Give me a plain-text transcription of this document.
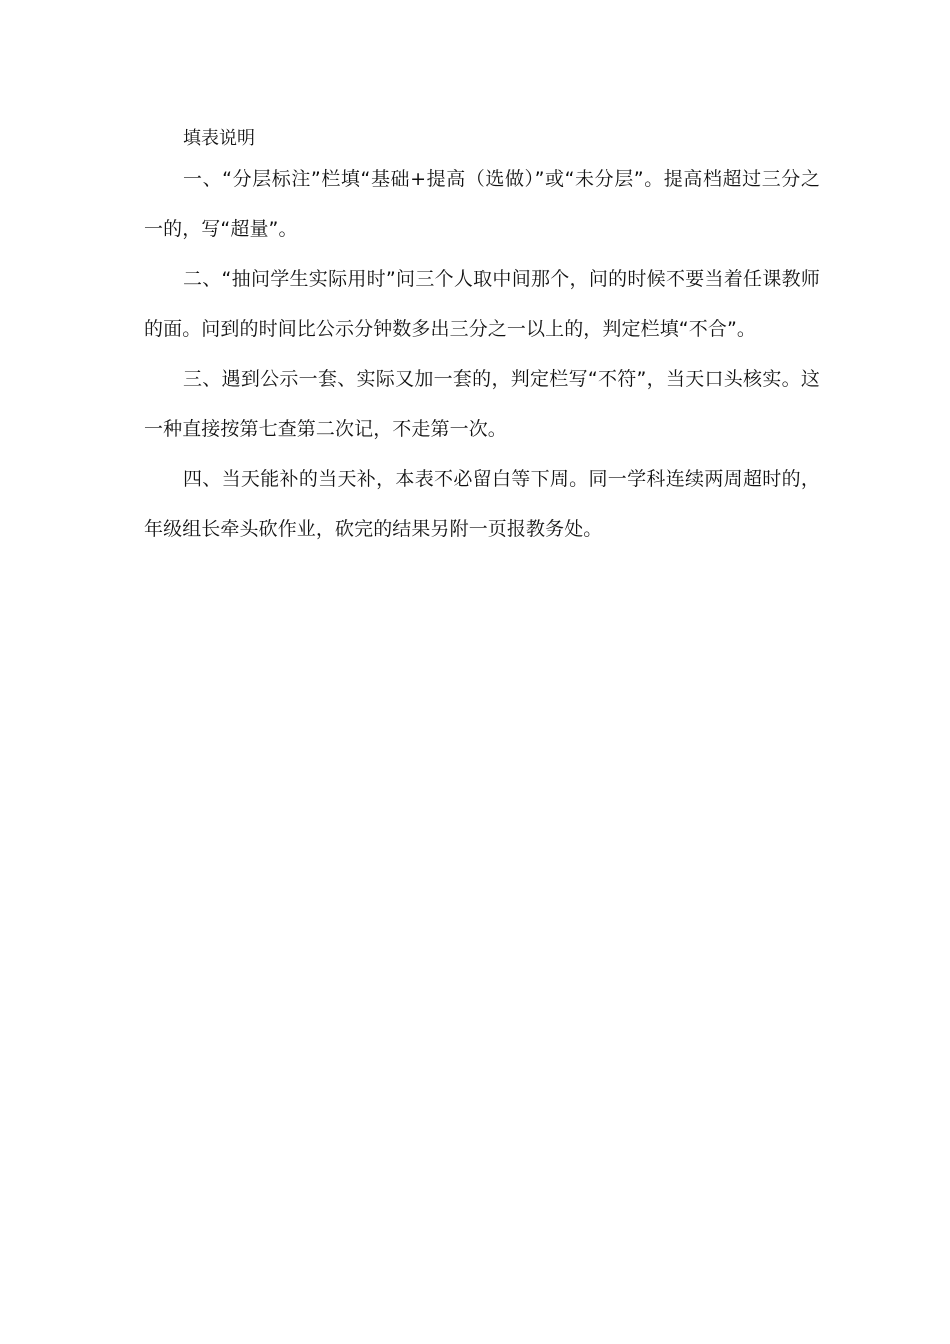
填表说明

一、“分层标注”栏填“基础+提高（选做）”或“未分层”。提高档超过三分之一的，写“超量”。

二、“抽问学生实际用时”问三个人取中间那个，问的时候不要当着任课教师的面。问到的时间比公示分钟数多出三分之一以上的，判定栏填“不合”。

三、遇到公示一套、实际又加一套的，判定栏写“不符”，当天口头核实。这一种直接按第七查第二次记，不走第一次。

四、当天能补的当天补，本表不必留白等下周。同一学科连续两周超时的，年级组长牵头砍作业，砍完的结果另附一页报教务处。
